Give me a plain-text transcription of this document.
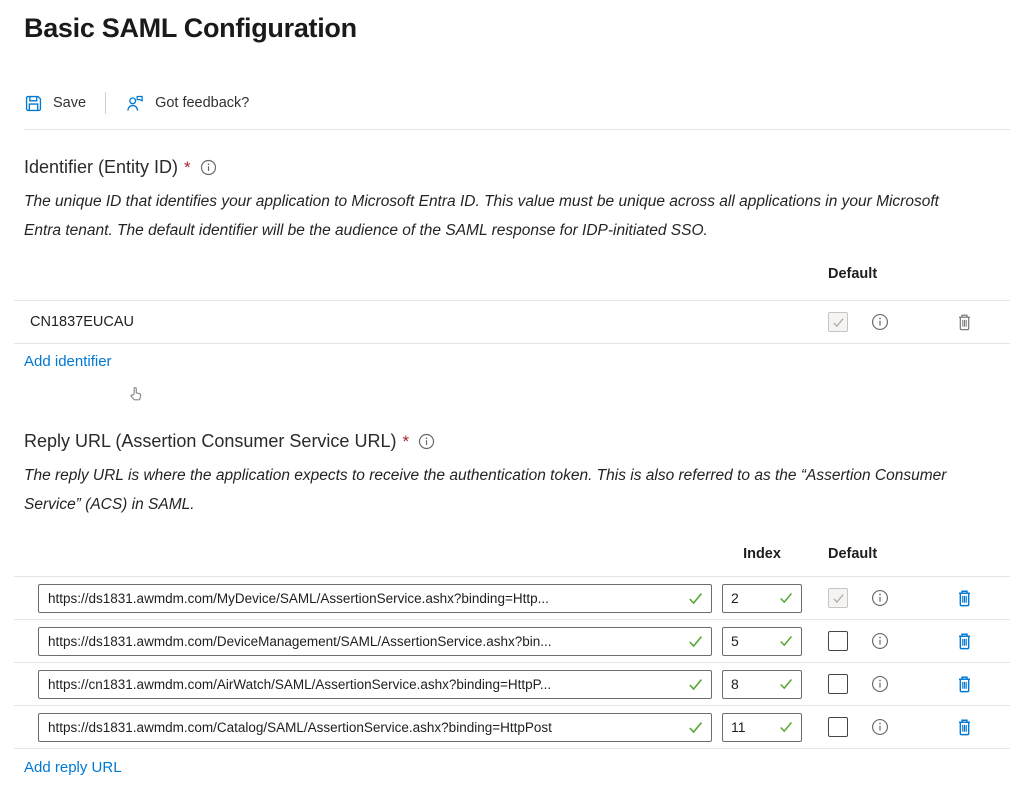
Basic SAML Configuration
Save	Got feedback?
Identifier (Entity ID) *

The unique ID that identifies your application to Microsoft Entra ID. This value must be unique across all applications in your Microsoft Entra tenant. The default identifier will be the audience of the SAML response for IDP-initiated SSO.

Default
CN1837EUCAU
Add identifier
Reply URL (Assertion Consumer Service URL) *

The reply URL is where the application expects to receive the authentication token. This is also referred to as the “Assertion Consumer Service” (ACS) in SAML.

Index	Default
https://ds1831.awmdm.com/MyDevice/SAML/AssertionService.ashx?binding=Http...	2
https://ds1831.awmdm.com/DeviceManagement/SAML/AssertionService.ashx?bin...	5
https://cn1831.awmdm.com/AirWatch/SAML/AssertionService.ashx?binding=HttpP...	8
https://ds1831.awmdm.com/Catalog/SAML/AssertionService.ashx?binding=HttpPost	11
Add reply URL
